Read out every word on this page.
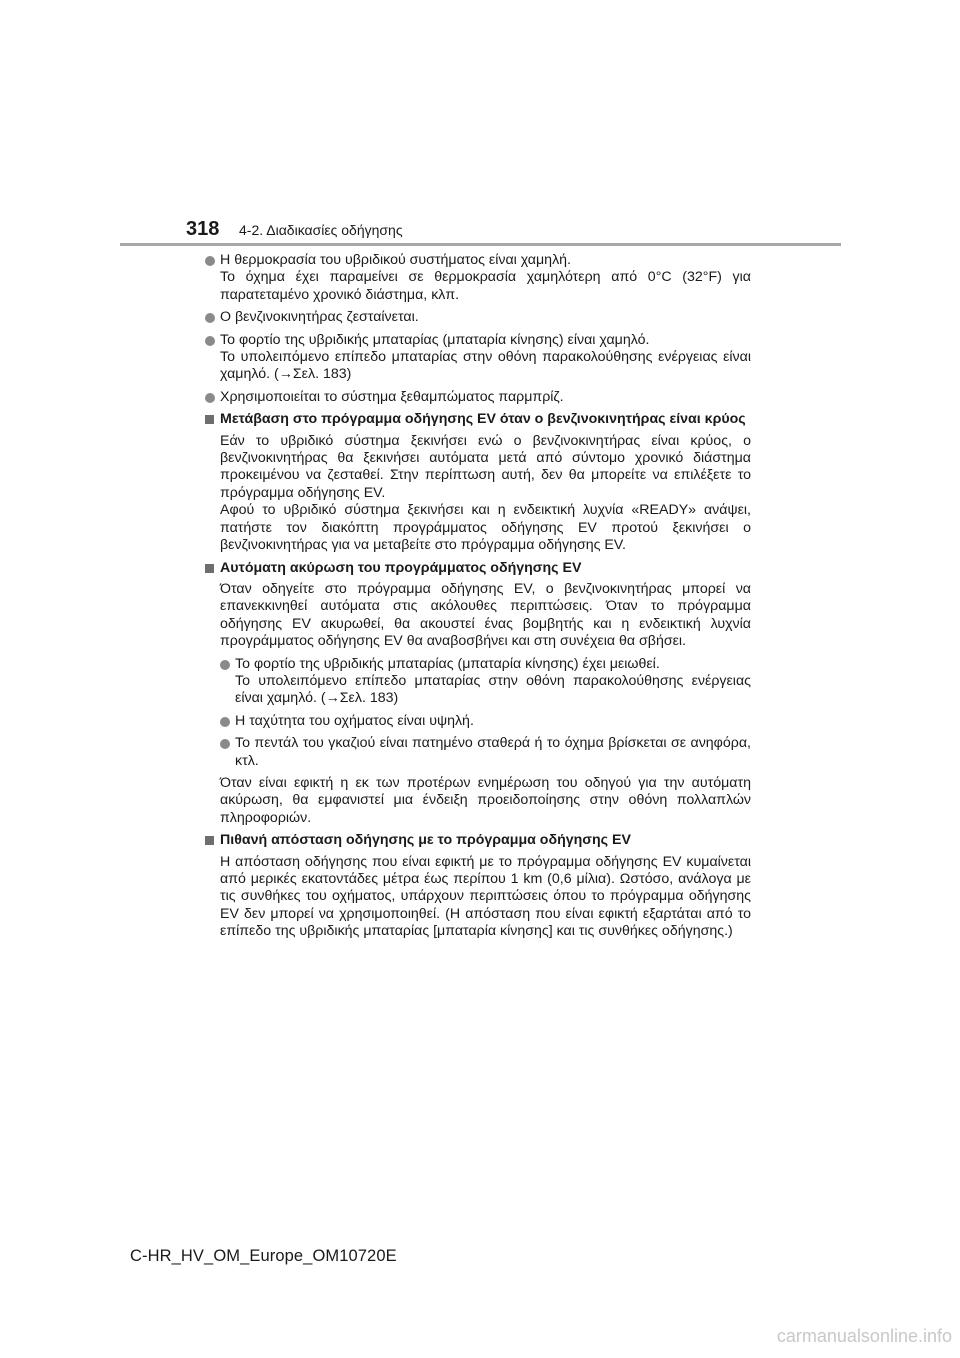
318 4-2. Διαδικασίες οδήγησης
Η θερμοκρασία του υβριδικού συστήματος είναι χαμηλή.
Το όχημα έχει παραμείνει σε θερμοκρασία χαμηλότερη από 0°C (32°F) για παρατεταμένο χρονικό διάστημα, κλπ.
Ο βενζινοκινητήρας ζεσταίνεται.
Το φορτίο της υβριδικής μπαταρίας (μπαταρία κίνησης) είναι χαμηλό.
Το υπολειπόμενο επίπεδο μπαταρίας στην οθόνη παρακολούθησης ενέργειας είναι χαμηλό. (→Σελ. 183)
Χρησιμοποιείται το σύστημα ξεθαμπώματος παρμπρίζ.
Μετάβαση στο πρόγραμμα οδήγησης EV όταν ο βενζινοκινητήρας είναι κρύος
Εάν το υβριδικό σύστημα ξεκινήσει ενώ ο βενζινοκινητήρας είναι κρύος, ο βενζινοκινητήρας θα ξεκινήσει αυτόματα μετά από σύντομο χρονικό διάστημα προκειμένου να ζεσταθεί. Στην περίπτωση αυτή, δεν θα μπορείτε να επιλέξετε το πρόγραμμα οδήγησης EV.
Αφού το υβριδικό σύστημα ξεκινήσει και η ενδεικτική λυχνία «READY» ανάψει, πατήστε τον διακόπτη προγράμματος οδήγησης EV προτού ξεκινήσει ο βενζινοκινητήρας για να μεταβείτε στο πρόγραμμα οδήγησης EV.
Αυτόματη ακύρωση του προγράμματος οδήγησης EV
Όταν οδηγείτε στο πρόγραμμα οδήγησης EV, ο βενζινοκινητήρας μπορεί να επανεκκινηθεί αυτόματα στις ακόλουθες περιπτώσεις. Όταν το πρόγραμμα οδήγησης EV ακυρωθεί, θα ακουστεί ένας βομβητής και η ενδεικτική λυχνία προγράμματος οδήγησης EV θα αναβοσβήνει και στη συνέχεια θα σβήσει.
Το φορτίο της υβριδικής μπαταρίας (μπαταρία κίνησης) έχει μειωθεί.
Το υπολειπόμενο επίπεδο μπαταρίας στην οθόνη παρακολούθησης ενέργειας είναι χαμηλό. (→Σελ. 183)
Η ταχύτητα του οχήματος είναι υψηλή.
Το πεντάλ του γκαζιού είναι πατημένο σταθερά ή το όχημα βρίσκεται σε ανηφόρα, κτλ.
Όταν είναι εφικτή η εκ των προτέρων ενημέρωση του οδηγού για την αυτόματη ακύρωση, θα εμφανιστεί μια ένδειξη προειδοποίησης στην οθόνη πολλαπλών πληροφοριών.
Πιθανή απόσταση οδήγησης με το πρόγραμμα οδήγησης EV
Η απόσταση οδήγησης που είναι εφικτή με το πρόγραμμα οδήγησης EV κυμαίνεται από μερικές εκατοντάδες μέτρα έως περίπου 1 km (0,6 μίλια). Ωστόσο, ανάλογα με τις συνθήκες του οχήματος, υπάρχουν περιπτώσεις όπου το πρόγραμμα οδήγησης EV δεν μπορεί να χρησιμοποιηθεί. (Η απόσταση που είναι εφικτή εξαρτάται από το επίπεδο της υβριδικής μπαταρίας [μπαταρία κίνησης] και τις συνθήκες οδήγησης.)
C-HR_HV_OM_Europe_OM10720E
carmanualsonline.info
